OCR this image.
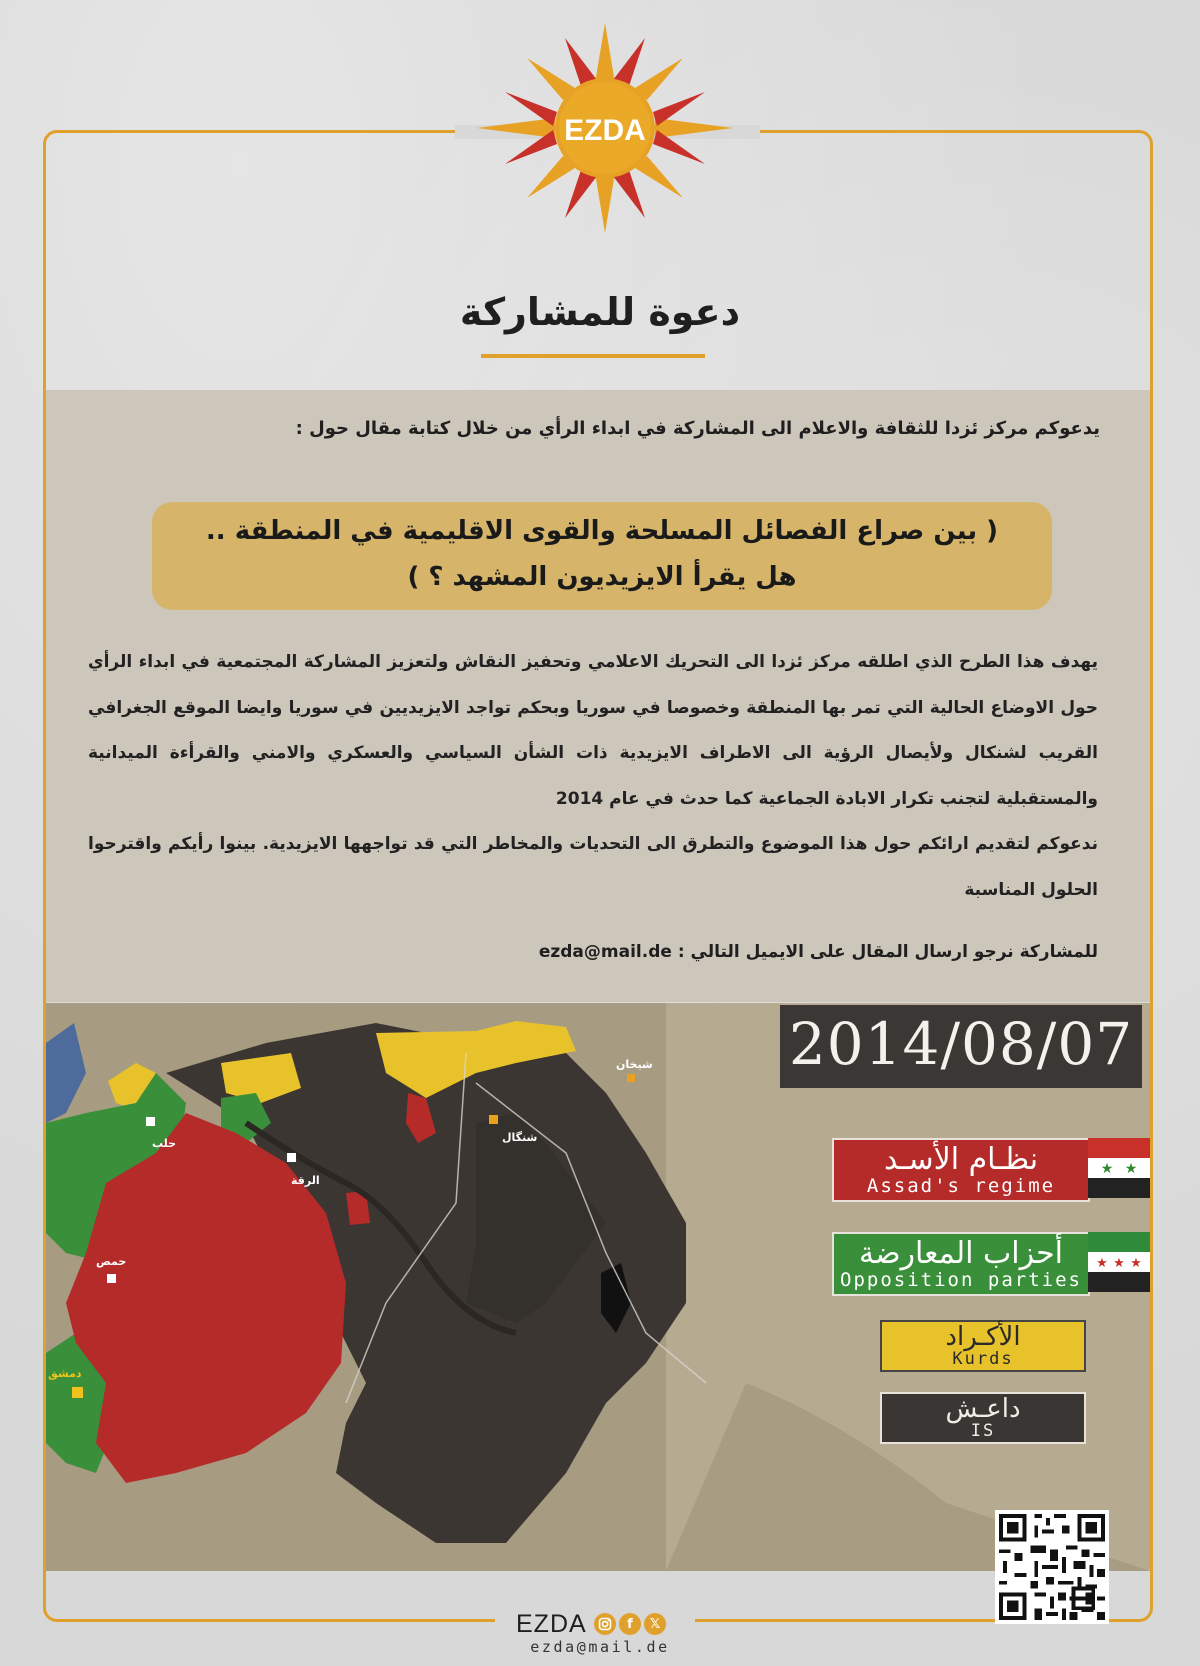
EZDA
دعوة للمشاركة
يدعوكم مركز ئزدا للثقافة والاعلام الى المشاركة في ابداء الرأي من خلال كتابة مقال حول :
( بين صراع الفصائل المسلحة والقوى الاقليمية في المنطقة ..
هل يقرأ الايزيديون المشهد ؟ )

يهدف هذا الطرح الذي اطلقه مركز ئزدا الى التحريك الاعلامي وتحفيز النقاش ولتعزيز المشاركة المجتمعية في ابداء الرأي حول الاوضاع الحالية التي تمر بها المنطقة وخصوصا في سوريا وبحكم تواجد الايزيديين في سوريا وايضا الموقع الجغرافي القريب لشنكال ولأيصال الرؤية الى الاطراف الايزيدية ذات الشأن السياسي والعسكري والامني والقرأءة الميدانية والمستقبلية لتجنب تكرار الابادة الجماعية كما حدث في عام 2014

ندعوكم لتقديم ارائكم حول هذا الموضوع والتطرق الى التحديات والمخاطر التي قد تواجهها الايزيدية. بينوا رأيكم واقترحوا الحلول المناسبة

للمشاركة نرجو ارسال المقال على الايميل التالي : ezda@mail.de
حلب
الرقة
حمص
دمشق
شنگال
شيخان 2014/08/07
نظـام الأسـد
Assad's regime
★ ★
أحزاب المعارضة
Opposition parties
★ ★ ★
الأكـراد
Kurds
داعـش
IS
EZDA	f	𝕏
ezda@mail.de
